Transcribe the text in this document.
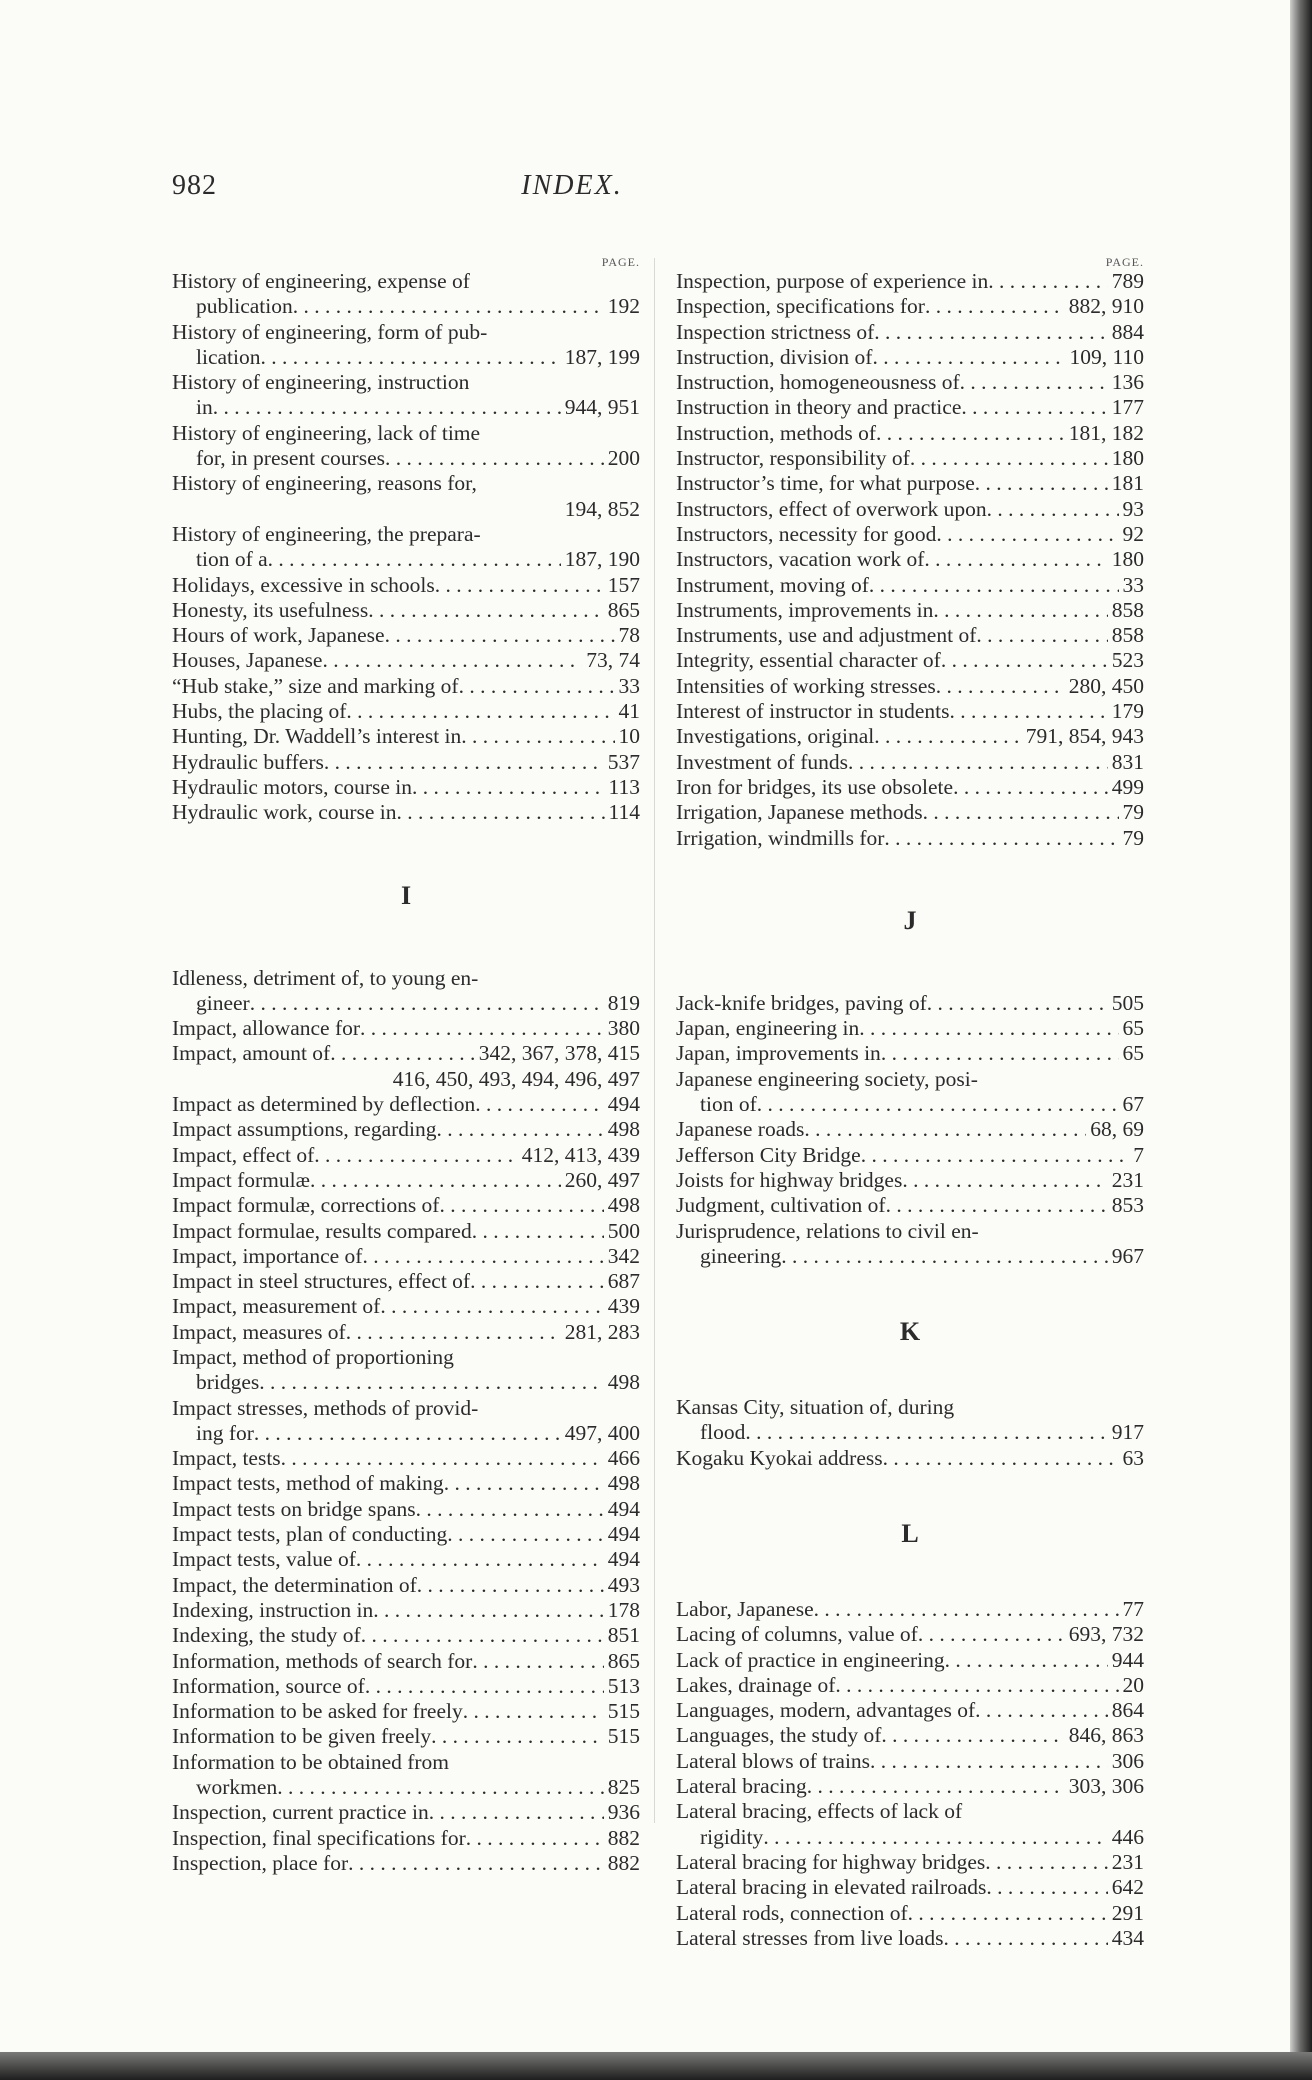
982	INDEX.
PAGE.
History of engineering, expense of
publication . . .	192
History of engineering, form of pub-
lication . . .	187, 199
History of engineering, instruction
in . . .	944, 951
History of engineering, lack of time
for, in present courses . . .	200
History of engineering, reasons for,
194, 852
History of engineering, the prepara-
tion of a . . .	187, 190
Holidays, excessive in schools . . .	157
Honesty, its usefulness . . .	865
Hours of work, Japanese . . .	78
Houses, Japanese . . .	73, 74
“Hub stake,” size and marking of . . .	33
Hubs, the placing of . . .	41
Hunting, Dr. Waddell’s interest in . . .	10
Hydraulic buffers . . .	537
Hydraulic motors, course in . . .	113
Hydraulic work, course in . . .	114
I
Idleness, detriment of, to young en-
gineer . . .	819
Impact, allowance for . . .	380
Impact, amount of . . .	342, 367, 378, 415
416, 450, 493, 494, 496, 497
Impact as determined by deflection . . .	494
Impact assumptions, regarding . . .	498
Impact, effect of . . .	412, 413, 439
Impact formulæ . . .	260, 497
Impact formulæ, corrections of . . .	498
Impact formulae, results compared . . .	500
Impact, importance of . . .	342
Impact in steel structures, effect of . . .	687
Impact, measurement of . . .	439
Impact, measures of . . .	281, 283
Impact, method of proportioning
bridges . . .	498
Impact stresses, methods of provid-
ing for . . .	497, 400
Impact, tests . . .	466
Impact tests, method of making . . .	498
Impact tests on bridge spans . . .	494
Impact tests, plan of conducting . . .	494
Impact tests, value of . . .	494
Impact, the determination of . . .	493
Indexing, instruction in . . .	178
Indexing, the study of . . .	851
Information, methods of search for . . .	865
Information, source of . . .	513
Information to be asked for freely . . .	515
Information to be given freely . . .	515
Information to be obtained from
workmen . . .	825
Inspection, current practice in . . .	936
Inspection, final specifications for . . .	882
Inspection, place for . . .	882
PAGE.
Inspection, purpose of experience in . . .	789
Inspection, specifications for . . .	882, 910
Inspection strictness of . . .	884
Instruction, division of . . .	109, 110
Instruction, homogeneousness of . . .	136
Instruction in theory and practice . . .	177
Instruction, methods of . . .	181, 182
Instructor, responsibility of . . .	180
Instructor’s time, for what purpose . . .	181
Instructors, effect of overwork upon . . .	93
Instructors, necessity for good . . .	92
Instructors, vacation work of . . .	180
Instrument, moving of . . .	33
Instruments, improvements in . . .	858
Instruments, use and adjustment of . . .	858
Integrity, essential character of . . .	523
Intensities of working stresses . . .	280, 450
Interest of instructor in students . . .	179
Investigations, original . . .	791, 854, 943
Investment of funds . . .	831
Iron for bridges, its use obsolete . . .	499
Irrigation, Japanese methods . . .	79
Irrigation, windmills for . . .	79
J
Jack-knife bridges, paving of . . .	505
Japan, engineering in . . .	65
Japan, improvements in . . .	65
Japanese engineering society, posi-
tion of . . .	67
Japanese roads . . .	68, 69
Jefferson City Bridge . . .	7
Joists for highway bridges . . .	231
Judgment, cultivation of . . .	853
Jurisprudence, relations to civil en-
gineering . . .	967
K
Kansas City, situation of, during
flood . . .	917
Kogaku Kyokai address . . .	63
L
Labor, Japanese . . .	77
Lacing of columns, value of . . .	693, 732
Lack of practice in engineering . . .	944
Lakes, drainage of . . .	20
Languages, modern, advantages of . . .	864
Languages, the study of . . .	846, 863
Lateral blows of trains . . .	306
Lateral bracing . . .	303, 306
Lateral bracing, effects of lack of
rigidity . . .	446
Lateral bracing for highway bridges . . .	231
Lateral bracing in elevated railroads . . .	642
Lateral rods, connection of . . .	291
Lateral stresses from live loads . . .	434
